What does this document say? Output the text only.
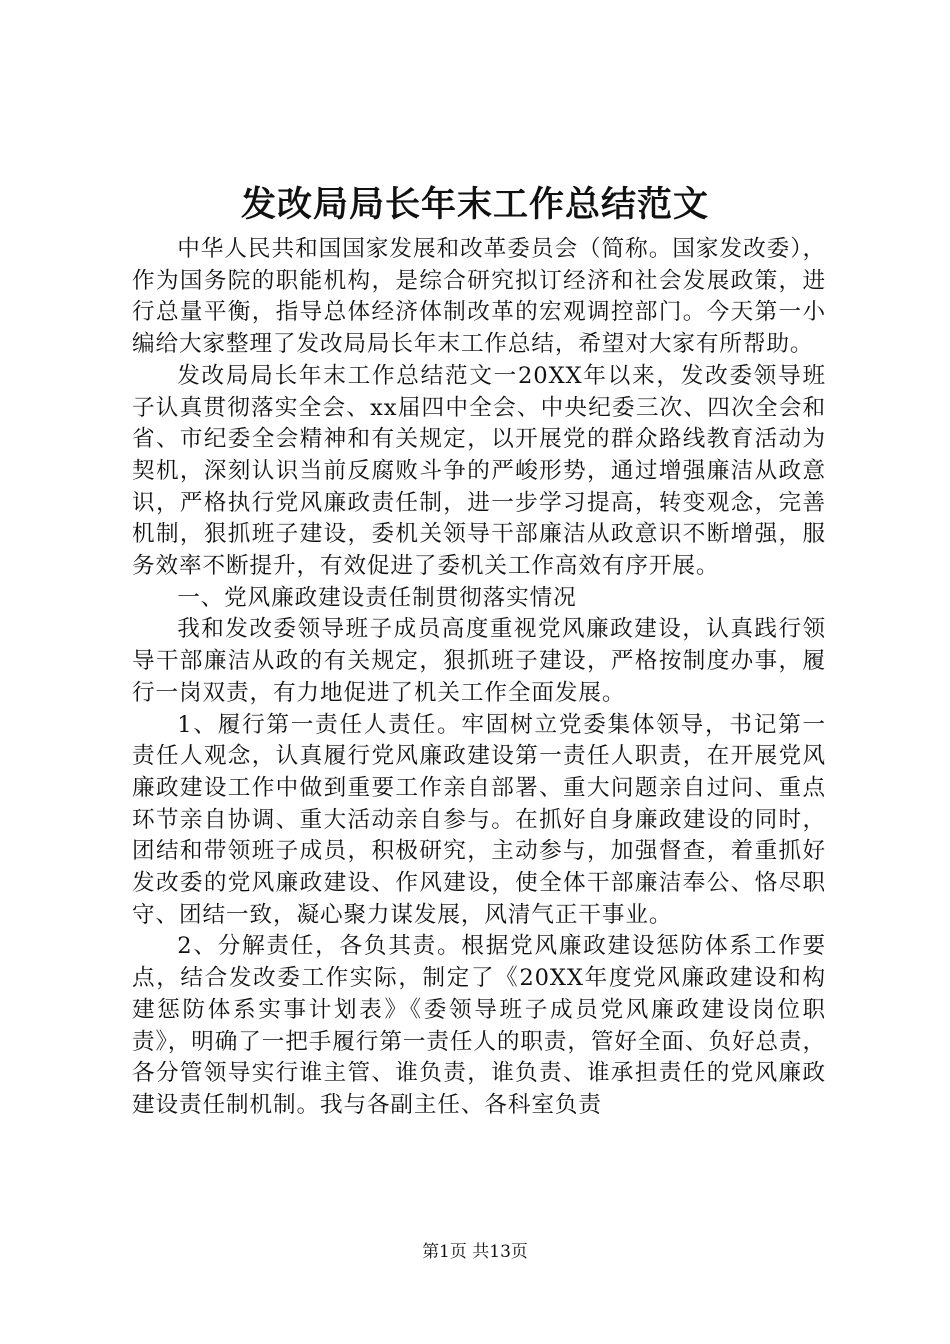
发改局局长年末工作总结范文

中华人民共和国国家发展和改革委员会（简称。国家发改委），作为国务院的职能机构，是综合研究拟订经济和社会发展政策，进行总量平衡，指导总体经济体制改革的宏观调控部门。今天第一小编给大家整理了发改局局长年末工作总结，希望对大家有所帮助。

发改局局长年末工作总结范文一20XX年以来，发改委领导班子认真贯彻落实全会、xx届四中全会、中央纪委三次、四次全会和省、市纪委全会精神和有关规定，以开展党的群众路线教育活动为契机，深刻认识当前反腐败斗争的严峻形势，通过增强廉洁从政意识，严格执行党风廉政责任制，进一步学习提高，转变观念，完善机制，狠抓班子建设，委机关领导干部廉洁从政意识不断增强，服务效率不断提升，有效促进了委机关工作高效有序开展。

一、党风廉政建设责任制贯彻落实情况

我和发改委领导班子成员高度重视党风廉政建设，认真践行领导干部廉洁从政的有关规定，狠抓班子建设，严格按制度办事，履行一岗双责，有力地促进了机关工作全面发展。

1、履行第一责任人责任。牢固树立党委集体领导，书记第一责任人观念，认真履行党风廉政建设第一责任人职责，在开展党风廉政建设工作中做到重要工作亲自部署、重大问题亲自过问、重点环节亲自协调、重大活动亲自参与。在抓好自身廉政建设的同时，团结和带领班子成员，积极研究，主动参与，加强督查，着重抓好发改委的党风廉政建设、作风建设，使全体干部廉洁奉公、恪尽职守、团结一致，凝心聚力谋发展，风清气正干事业。

2、分解责任，各负其责。根据党风廉政建设惩防体系工作要点，结合发改委工作实际，制定了《20XX年度党风廉政建设和构建惩防体系实事计划表》《委领导班子成员党风廉政建设岗位职责》，明确了一把手履行第一责任人的职责，管好全面、负好总责，各分管领导实行谁主管、谁负责，谁负责、谁承担责任的党风廉政建设责任制机制。我与各副主任、各科室负责

第1页 共13页
